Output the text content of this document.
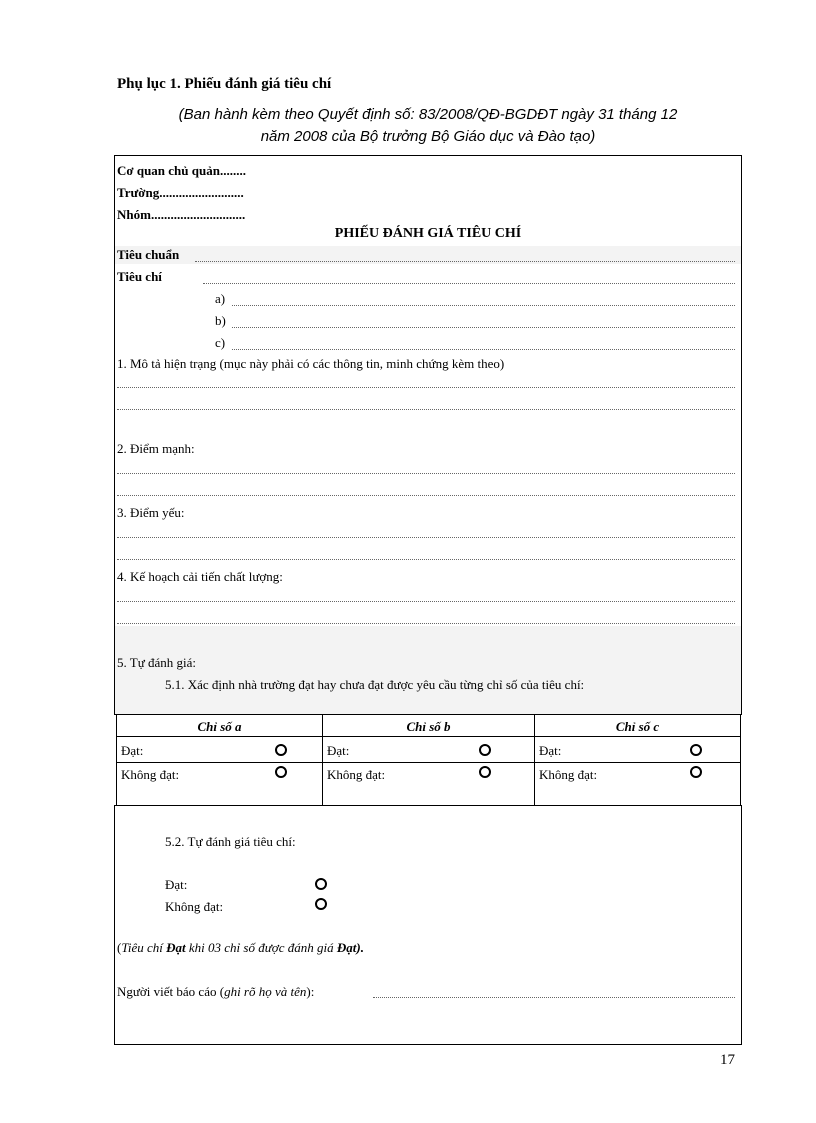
Phụ lục 1. Phiếu đánh giá tiêu chí
(Ban hành kèm theo Quyết định số: 83/2008/QĐ-BGDĐT ngày 31 tháng 12
năm 2008 của Bộ trưởng Bộ Giáo dục và Đào tạo)
Cơ quan chủ quản........
Trường..........................
Nhóm.............................
PHIẾU ĐÁNH GIÁ TIÊU CHÍ
Tiêu chuẩn
Tiêu chí
a)
b)
c)
1. Mô tả hiện trạng (mục này phải có các thông tin, minh chứng kèm theo)
2. Điểm mạnh:
3. Điểm yếu:
4. Kế hoạch cải tiến chất lượng:
5. Tự đánh giá:
5.1. Xác định nhà trường đạt hay chưa đạt được yêu cầu từng chỉ số của tiêu chí:
Chỉ số a	Chỉ số b	Chỉ số c
Đạt:
Không đạt:
Đạt:
Không đạt:
Đạt:
Không đạt:
5.2. Tự đánh giá tiêu chí:
Đạt:
Không đạt:
(Tiêu chí Đạt khi 03 chỉ số được đánh giá Đạt).
Người viết báo cáo (ghi rõ họ và tên):
17
